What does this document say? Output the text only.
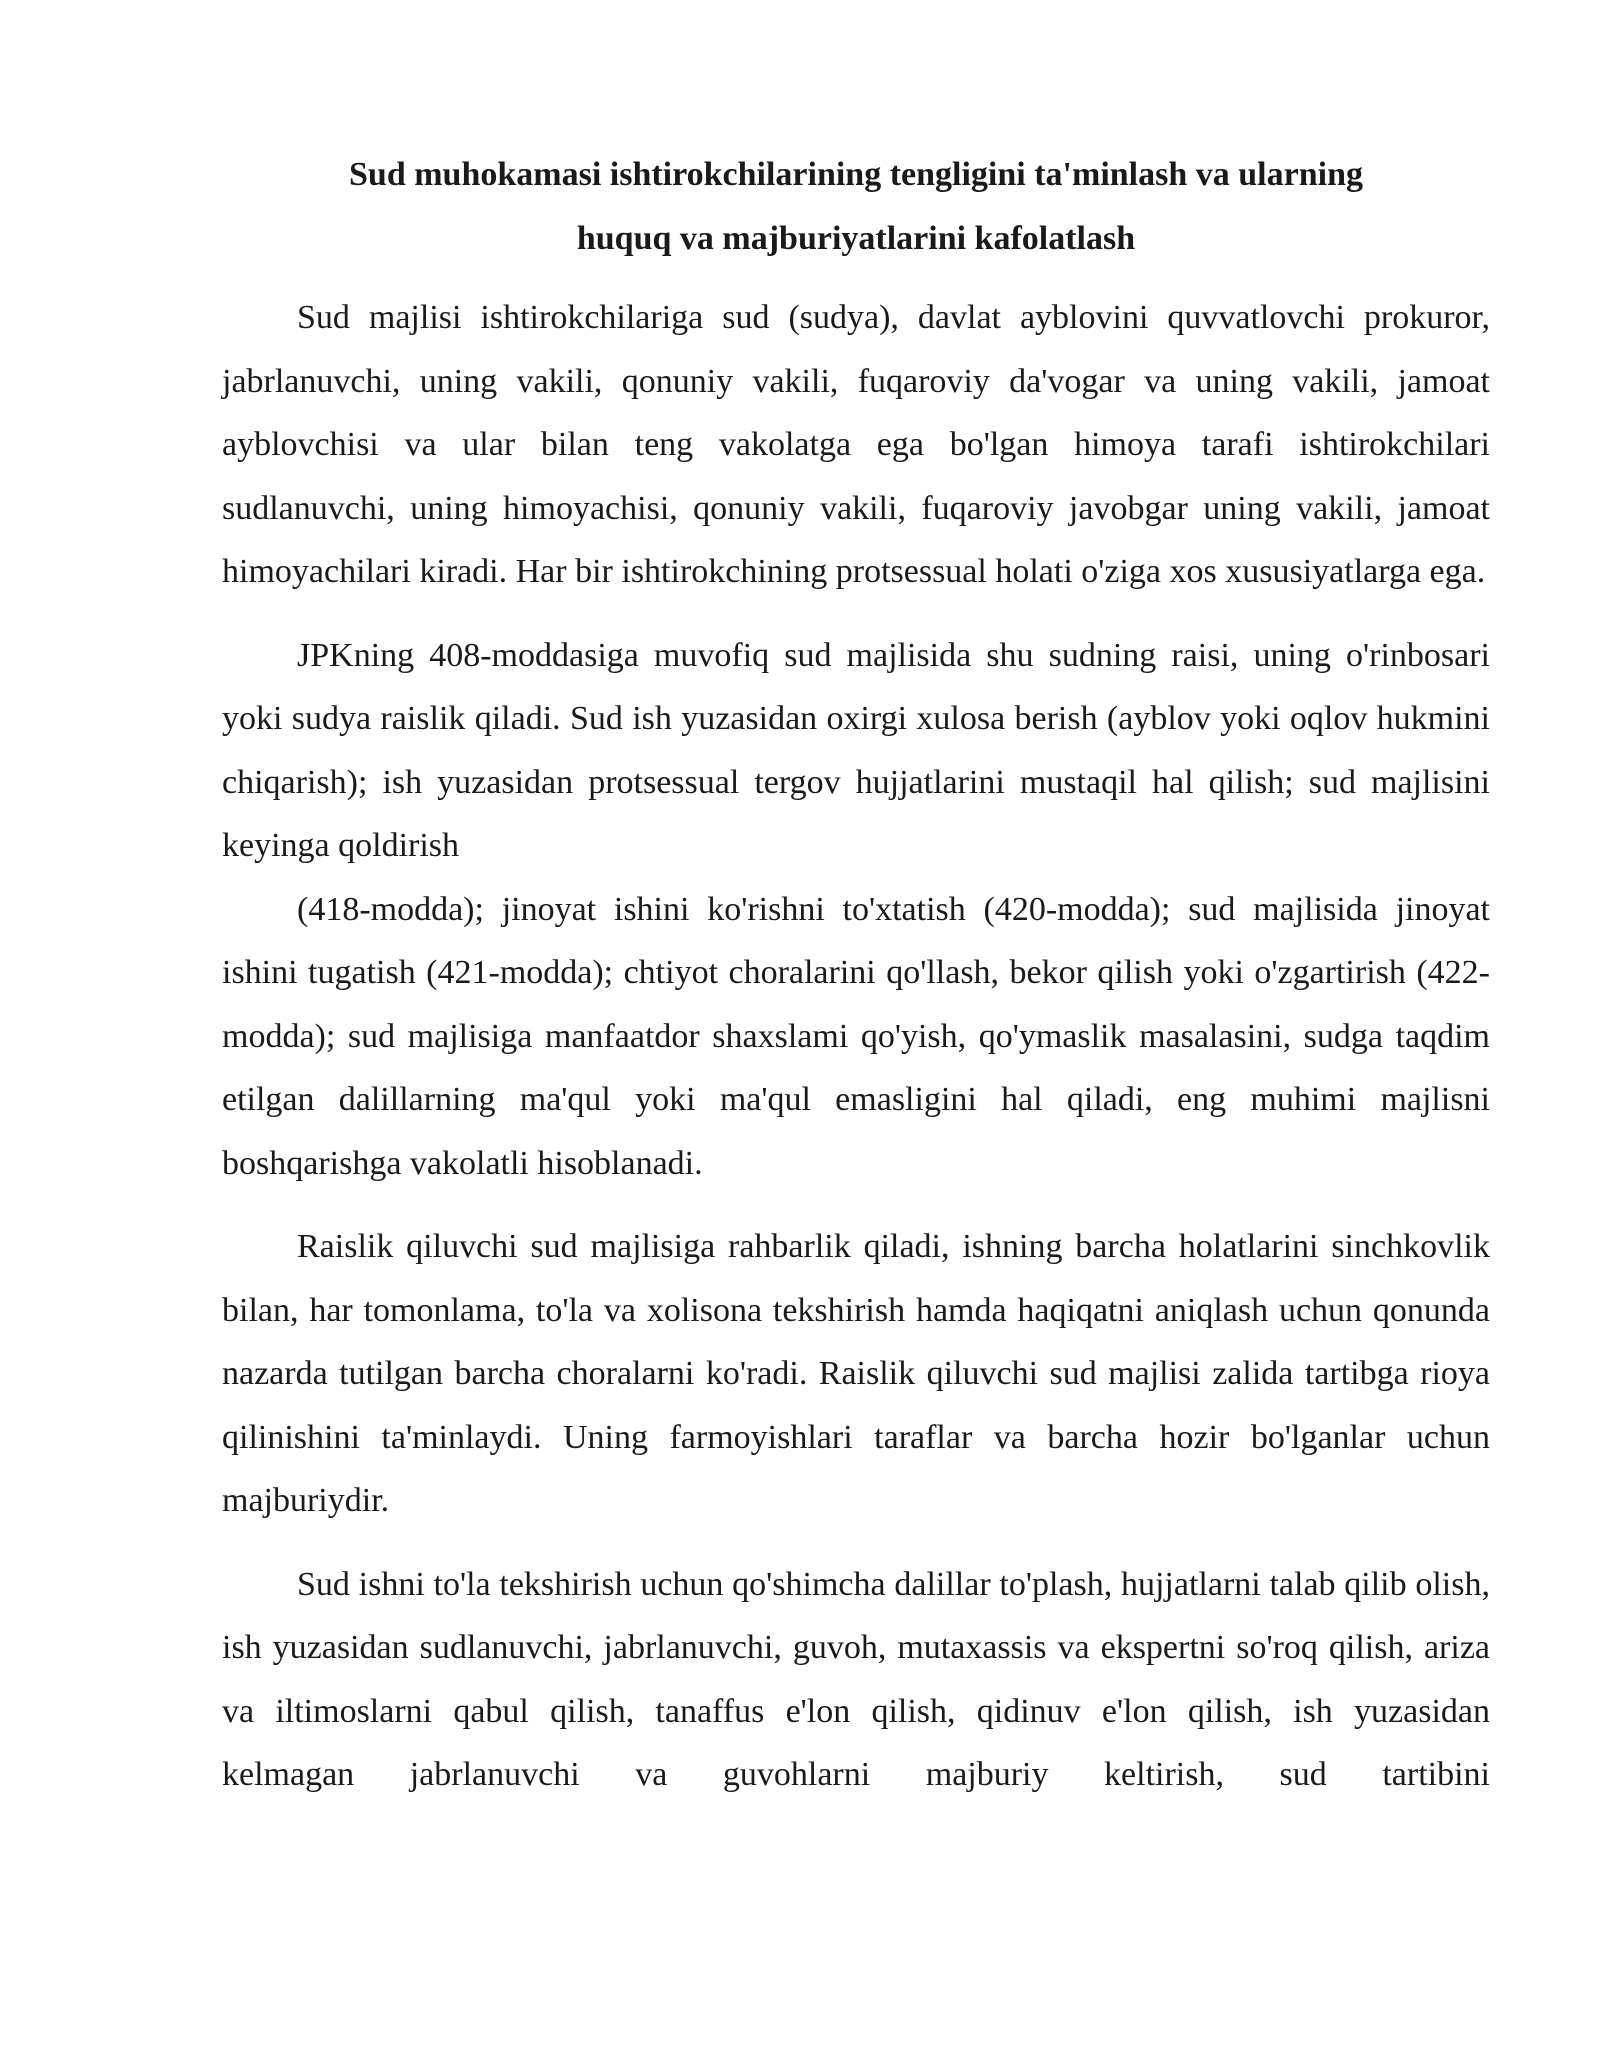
Sud muhokamasi ishtirokchilarining tengligini ta'minlash va ularning
huquq va majburiyatlarini kafolatlash

Sud majlisi ishtirokchilariga sud (sudya), davlat ayblovini quvvatlovchi prokuror, jabrlanuvchi, uning vakili, qonuniy vakili, fuqaroviy da'vogar va uning vakili, jamoat ayblovchisi va ular bilan teng vakolatga ega bo'lgan himoya tarafi ishtirokchilari sudlanuvchi, uning himoyachisi, qonuniy vakili, fuqaroviy javobgar uning vakili, jamoat himoyachilari kiradi. Har bir ishtirokchining protsessual holati o'ziga xos xususiyatlarga ega.

JPKning 408-moddasiga muvofiq sud majlisida shu sudning raisi, uning o'rinbosari yoki sudya raislik qiladi. Sud ish yuzasidan oxirgi xulosa berish (ayblov yoki oqlov hukmini chiqarish); ish yuzasidan protsessual tergov hujjatlarini mustaqil hal qilish; sud majlisini keyinga qoldirish

(418-modda); jinoyat ishini ko'rishni to'xtatish (420-modda); sud majlisida jinoyat ishini tugatish (421-modda); chtiyot choralarini qo'llash, bekor qilish yoki o'zgartirish (422-modda); sud majlisiga manfaatdor shaxslami qo'yish, qo'ymaslik masalasini, sudga taqdim etilgan dalillarning ma'qul yoki ma'qul emasligini hal qiladi, eng muhimi majlisni boshqarishga vakolatli hisoblanadi.

Raislik qiluvchi sud majlisiga rahbarlik qiladi, ishning barcha holatlarini sinchkovlik bilan, har tomonlama, to'la va xolisona tekshirish hamda haqiqatni aniqlash uchun qonunda nazarda tutilgan barcha choralarni ko'radi. Raislik qiluvchi sud majlisi zalida tartibga rioya qilinishini ta'minlaydi. Uning farmoyishlari taraflar va barcha hozir bo'lganlar uchun majburiydir.

Sud ishni to'la tekshirish uchun qo'shimcha dalillar to'plash, hujjatlarni talab qilib olish, ish yuzasidan sudlanuvchi, jabrlanuvchi, guvoh, mutaxassis va ekspertni so'roq qilish, ariza va iltimoslarni qabul qilish, tanaffus e'lon qilish, qidinuv e'lon qilish, ish yuzasidan kelmagan jabrlanuvchi va guvohlarni majburiy keltirish, sud tartibini
